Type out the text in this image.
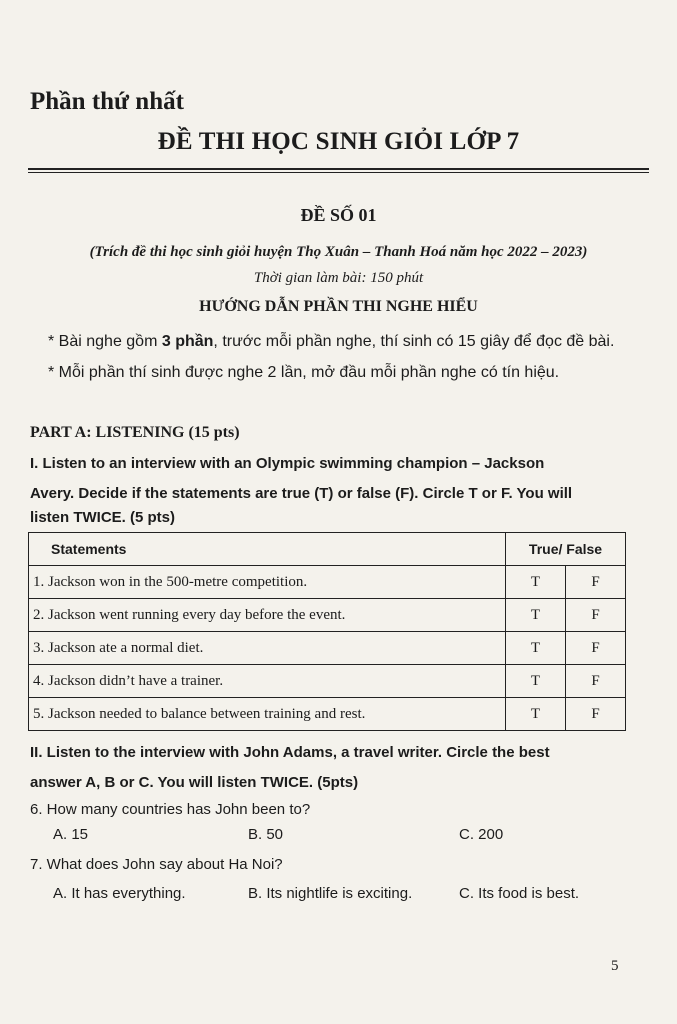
Phần thứ nhất
ĐỀ THI HỌC SINH GIỎI LỚP 7
ĐỀ SỐ 01
(Trích đề thi học sinh giỏi huyện Thọ Xuân – Thanh Hoá năm học 2022 – 2023)
Thời gian làm bài: 150 phút
HƯỚNG DẪN PHẦN THI NGHE HIỂU
* Bài nghe gồm 3 phần, trước mỗi phần nghe, thí sinh có 15 giây để đọc đề bài.
* Mỗi phần thí sinh được nghe 2 lần, mở đầu mỗi phần nghe có tín hiệu.
PART A: LISTENING (15 pts)
I. Listen to an interview with an Olympic swimming champion – Jackson
Avery. Decide if the statements are true (T) or false (F). Circle T or F. You will
listen TWICE. (5 pts)
Statements	True/ False	
1. Jackson won in the 500-metre competition.	T	F
2. Jackson went running every day before the event.	T	F
3. Jackson ate a normal diet.	T	F
4. Jackson didn’t have a trainer.	T	F
5. Jackson needed to balance between training and rest.	T	F
II. Listen to the interview with John Adams, a travel writer. Circle the best
answer A, B or C. You will listen TWICE. (5pts)
6. How many countries has John been to?
A. 15	B. 50	C. 200
7. What does John say about Ha Noi?
A. It has everything.	B. Its nightlife is exciting.	C. Its food is best.
5
